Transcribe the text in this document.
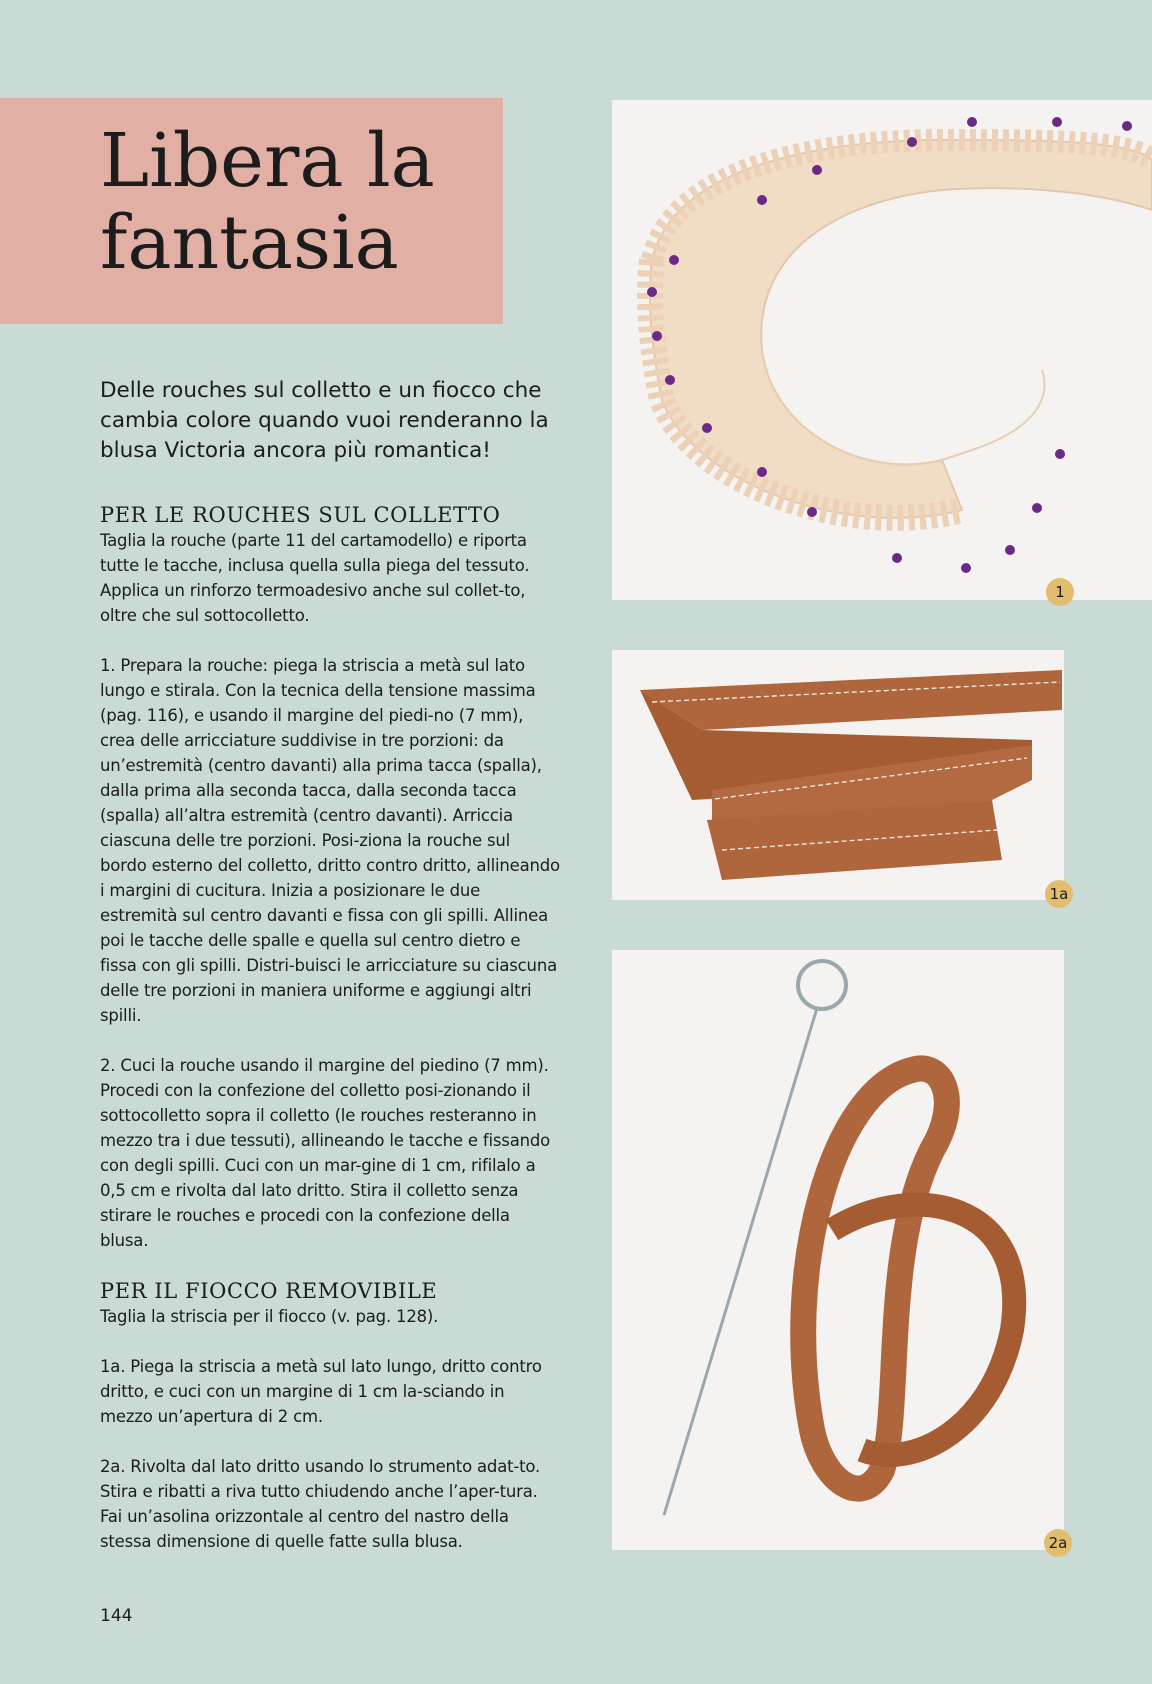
Libera la fantasia

Delle rouches sul colletto e un fiocco che cambia colore quando vuoi renderanno la blusa Victoria ancora più romantica!

PER LE ROUCHES SUL COLLETTO

Taglia la rouche (parte 11 del cartamodello) e riporta tutte le tacche, inclusa quella sulla piega del tessuto. Applica un rinforzo termoadesivo anche sul collet-to, oltre che sul sottocolletto.

1. Prepara la rouche: piega la striscia a metà sul lato lungo e stirala. Con la tecnica della tensione massima (pag. 116), e usando il margine del piedi-no (7 mm), crea delle arricciature suddivise in tre porzioni: da un’estremità (centro davanti) alla prima tacca (spalla), dalla prima alla seconda tacca, dalla seconda tacca (spalla) all’altra estremità (centro davanti). Arriccia ciascuna delle tre porzioni. Posi-ziona la rouche sul bordo esterno del colletto, dritto contro dritto, allineando i margini di cucitura. Inizia a posizionare le due estremità sul centro davanti e fissa con gli spilli. Allinea poi le tacche delle spalle e quella sul centro dietro e fissa con gli spilli. Distri-buisci le arricciature su ciascuna delle tre porzioni in maniera uniforme e aggiungi altri spilli.

2. Cuci la rouche usando il margine del piedino (7 mm). Procedi con la confezione del colletto posi-zionando il sottocolletto sopra il colletto (le rouches resteranno in mezzo tra i due tessuti), allineando le tacche e fissando con degli spilli. Cuci con un mar-gine di 1 cm, rifilalo a 0,5 cm e rivolta dal lato dritto. Stira il colletto senza stirare le rouches e procedi con la confezione della blusa.

PER IL FIOCCO REMOVIBILE

Taglia la striscia per il fiocco (v. pag. 128).

1a. Piega la striscia a metà sul lato lungo, dritto contro dritto, e cuci con un margine di 1 cm la-sciando in mezzo un’apertura di 2 cm.

2a. Rivolta dal lato dritto usando lo strumento adat-to. Stira e ribatti a riva tutto chiudendo anche l’aper-tura. Fai un’asolina orizzontale al centro del nastro della stessa dimensione di quelle fatte sulla blusa.

1
1a
2a
144
